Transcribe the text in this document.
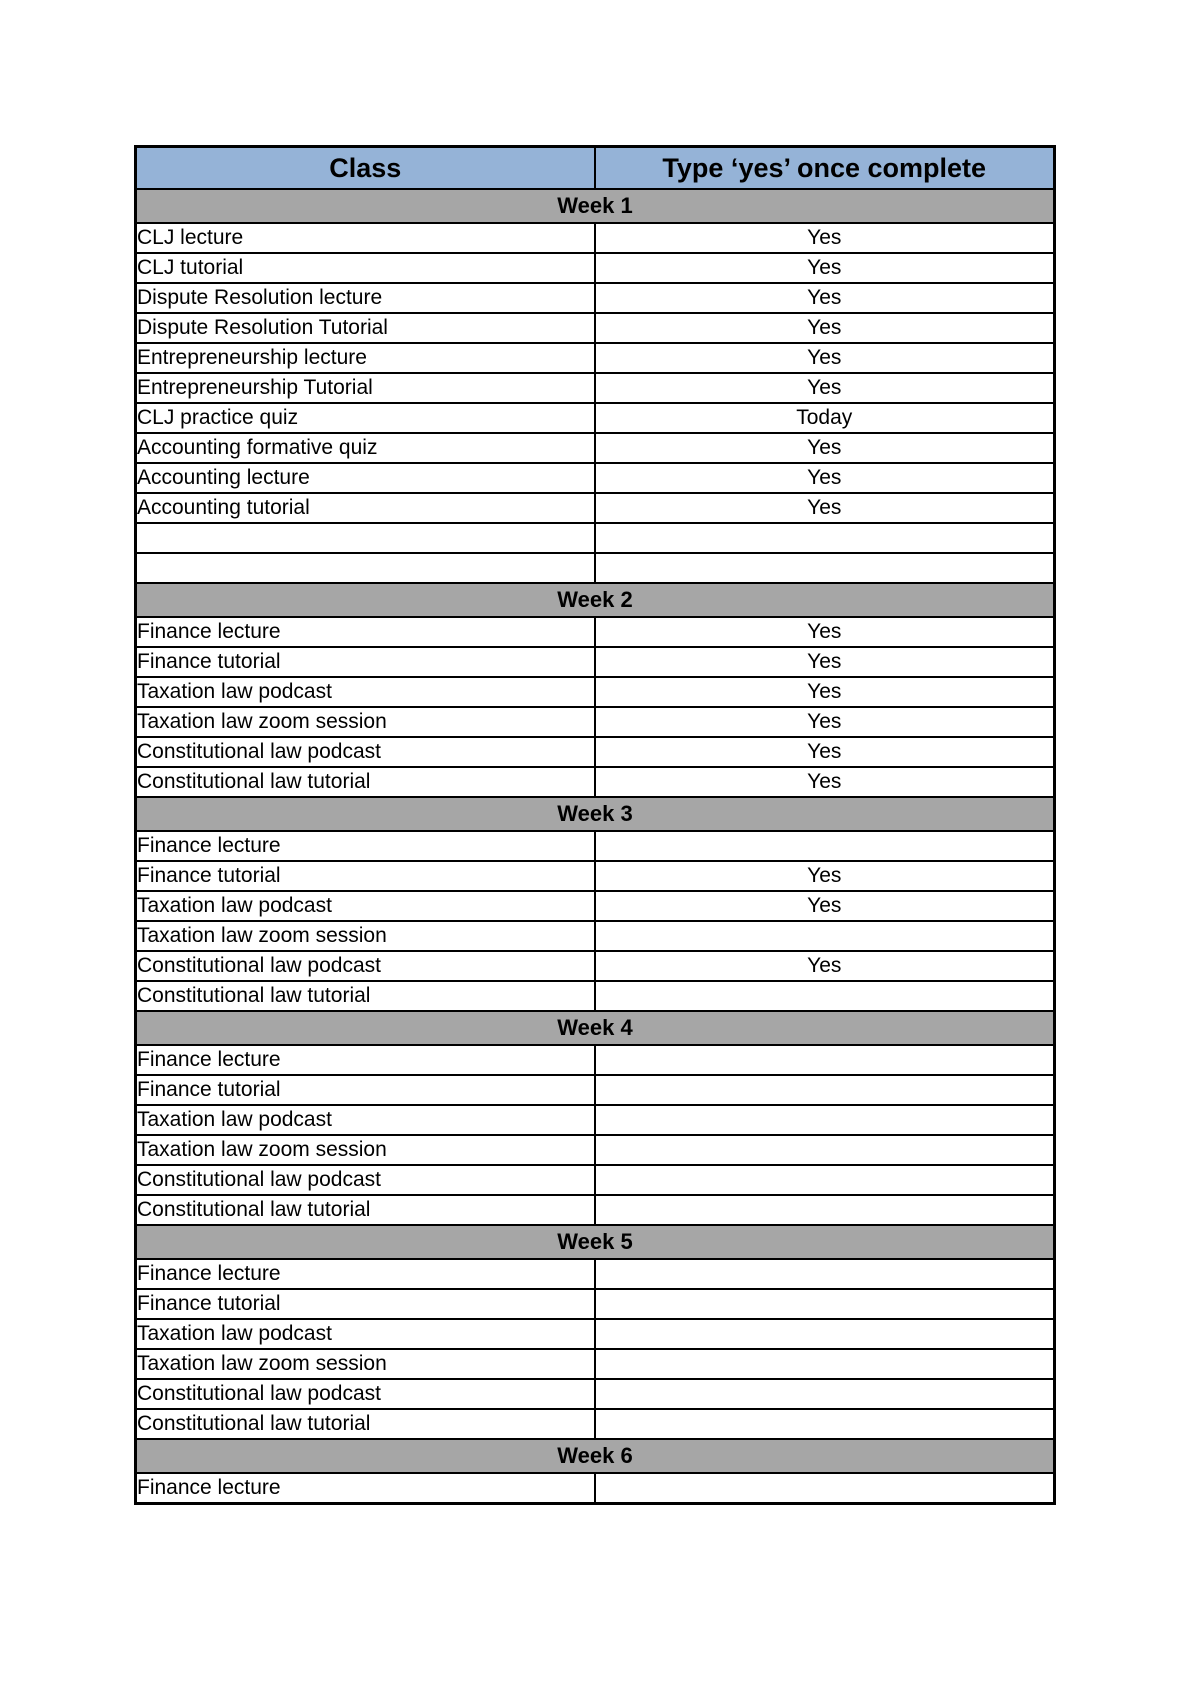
Class	Type ‘yes’ once complete
Week 1	
CLJ lecture	Yes
CLJ tutorial	Yes
Dispute Resolution lecture	Yes
Dispute Resolution Tutorial	Yes
Entrepreneurship lecture	Yes
Entrepreneurship Tutorial	Yes
CLJ practice quiz	Today
Accounting formative quiz	Yes
Accounting lecture	Yes
Accounting tutorial	Yes

Week 2	
Finance lecture	Yes
Finance tutorial	Yes
Taxation law podcast	Yes
Taxation law zoom session	Yes
Constitutional law podcast	Yes
Constitutional law tutorial	Yes
Week 3	
Finance lecture	
Finance tutorial	Yes
Taxation law podcast	Yes
Taxation law zoom session	
Constitutional law podcast	Yes
Constitutional law tutorial	
Week 4	
Finance lecture	
Finance tutorial	
Taxation law podcast	
Taxation law zoom session	
Constitutional law podcast	
Constitutional law tutorial	
Week 5	
Finance lecture	
Finance tutorial	
Taxation law podcast	
Taxation law zoom session	
Constitutional law podcast	
Constitutional law tutorial	
Week 6	
Finance lecture	
